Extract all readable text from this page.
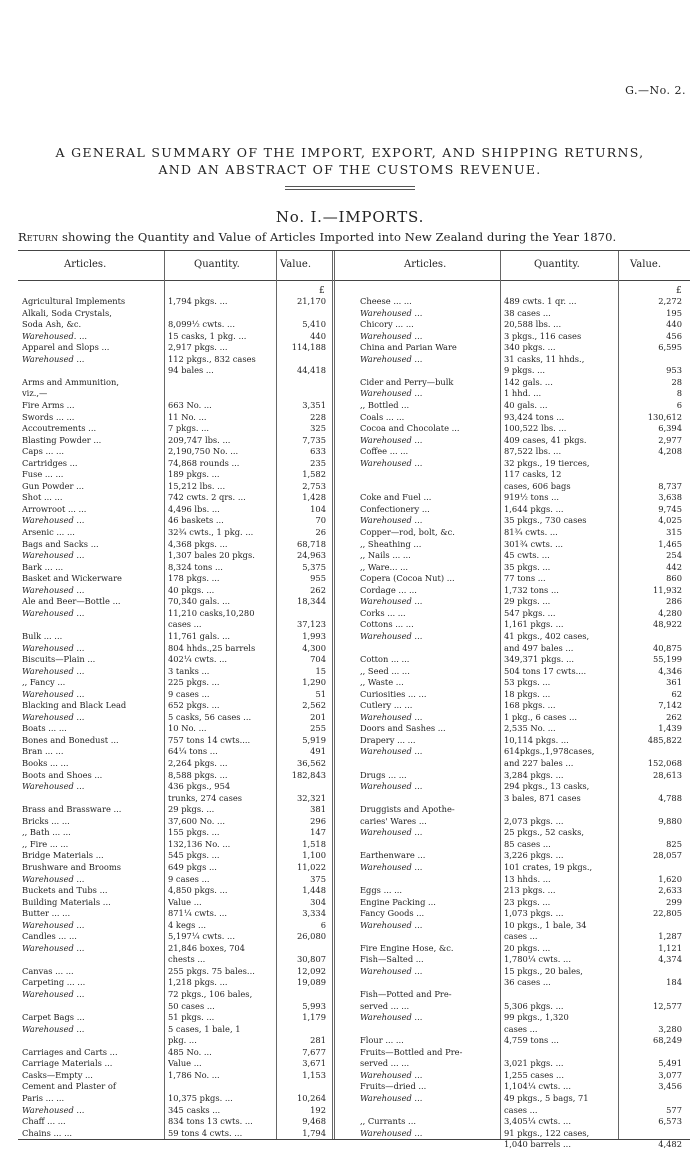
G.—No. 2.
A GENERAL SUMMARY OF THE IMPORT, EXPORT, AND SHIPPING RETURNS,
AND AN ABSTRACT OF THE CUSTOMS REVENUE.
No. I.—IMPORTS.
Return showing the Quantity and Value of Articles Imported into New Zealand during the Year 1870.
Articles.	Quantity.	Value.	Articles.	Quantity.	Value.
£	£
Agricultural Implements	1,794 pkgs. ...	21,170
Alkali, Soda Crystals,
Soda Ash, &c.	8,099½ cwts. ...	5,410
Warehoused. ...	15 casks, 1 pkg. ...	440
Apparel and Slops ...	2,917 pkgs. ...	114,188
Warehoused ...	112 pkgs., 832 cases
94 bales ...	44,418
Arms and Ammunition,
viz.,—
Fire Arms ...	663 No. ...	3,351
Swords ... ...	11 No. ...	228
Accoutrements ...	7 pkgs. ...	325
Blasting Powder ...	209,747 lbs. ...	7,735
Caps ... ...	2,190,750 No. ...	633
Cartridges ...	74,868 rounds ...	235
Fuse ... ...	189 pkgs. ...	1,582
Gun Powder ...	15,212 lbs. ...	2,753
Shot ... ...	742 cwts. 2 qrs. ...	1,428
Arrowroot ... ...	4,496 lbs. ...	104
Warehoused ...	46 baskets ...	70
Arsenic ... ...	32¾ cwts., 1 pkg. ...	26
Bags and Sacks ...	4,368 pkgs. ...	68,718
Warehoused ...	1,307 bales 20 pkgs.	24,963
Bark ... ...	8,324 tons ...	5,375
Basket and Wickerware	178 pkgs. ...	955
Warehoused ...	40 pkgs. ...	262
Ale and Beer—Bottle ...	70,340 gals. ...	18,344
Warehoused ...	11,210 casks,10,280
cases ...	37,123
Bulk ... ...	11,761 gals. ...	1,993
Warehoused ...	804 hhds.,25 barrels	4,300
Biscuits—Plain ...	402¼ cwts. ...	704
Warehoused ...	3 tanks ...	15
,, Fancy ...	225 pkgs. ...	1,290
Warehoused ...	9 cases ...	51
Blacking and Black Lead	652 pkgs. ...	2,562
Warehoused ...	5 casks, 56 cases ...	201
Boats ... ...	10 No. ...	255
Bones and Bonedust ...	757 tons 14 cwts....	5,919
Bran ... ...	64¼ tons ...	491
Books ... ...	2,264 pkgs. ...	36,562
Boots and Shoes ...	8,588 pkgs. ...	182,843
Warehoused ...	436 pkgs., 954
trunks, 274 cases	32,321
Brass and Brassware ...	29 pkgs. ...	381
Bricks ... ...	37,600 No. ...	296
,, Bath ... ...	155 pkgs. ...	147
,, Fire ... ...	132,136 No. ...	1,518
Bridge Materials ...	545 pkgs. ...	1,100
Brushware and Brooms	649 pkgs ...	11,022
Warehoused ...	9 cases ...	375
Buckets and Tubs ...	4,850 pkgs. ...	1,448
Building Materials ...	Value ...	304
Butter ... ...	871¼ cwts. ...	3,334
Warehoused ...	4 kegs ...	6
Candles ... ...	5,197¼ cwts. ...	26,080
Warehoused ...	21,846 boxes, 704
chests ...	30,807
Canvas ... ...	255 pkgs. 75 bales...	12,092
Carpeting ... ...	1,218 pkgs. ...	19,089
Warehoused ...	72 pkgs., 106 bales,
50 cases ...	5,993
Carpet Bags ...	51 pkgs. ...	1,179
Warehoused ...	5 cases, 1 bale, 1
pkg. ...	281
Carriages and Carts ...	485 No. ...	7,677
Carriage Materials ...	Value ...	3,671
Casks—Empty ...	1,786 No. ...	1,153
Cement and Plaster of
Paris ... ...	10,375 pkgs. ...	10,264
Warehoused ...	345 casks ...	192
Chaff ... ...	834 tons 13 cwts. ...	9,468
Chains ... ...	59 tons 4 cwts. ...	1,794
Cheese ... ...	489 cwts. 1 qr. ...	2,272
Warehoused ...	38 cases ...	195
Chicory ... ...	20,588 lbs. ...	440
Warehoused ...	3 pkgs., 116 cases	456
China and Parian Ware	340 pkgs. ...	6,595
Warehoused ...	31 casks, 11 hhds.,
9 pkgs. ...	953
Cider and Perry—bulk	142 gals. ...	28
Warehoused ...	1 hhd. ...	8
,, Bottled ...	40 gals. ...	6
Coals ... ...	93,424 tons ...	130,612
Cocoa and Chocolate ...	100,522 lbs. ...	6,394
Warehoused ...	409 cases, 41 pkgs.	2,977
Coffee ... ...	87,522 lbs. ...	4,208
Warehoused ...	32 pkgs., 19 tierces,
117 casks, 12
cases, 606 bags	8,737
Coke and Fuel ...	919½ tons ...	3,638
Confectionery ...	1,644 pkgs. ...	9,745
Warehoused ...	35 pkgs., 730 cases	4,025
Copper—rod, bolt, &c.	81¾ cwts. ...	315
,, Sheathing ...	301¾ cwts. ...	1,465
,, Nails ... ...	45 cwts. ...	254
,, Ware... ...	35 pkgs. ...	442
Copera (Cocoa Nut) ...	77 tons ...	860
Cordage ... ...	1,732 tons ...	11,932
Warehoused ...	29 pkgs. ...	286
Corks ... ...	547 pkgs. ...	4,280
Cottons ... ...	1,161 pkgs. ...	48,922
Warehoused ...	41 pkgs., 402 cases,
and 497 bales ...	40,875
Cotton ... ...	349,371 pkgs. ...	55,199
,, Seed ... ...	504 tons 17 cwts....	4,346
,, Waste ...	53 pkgs. ...	361
Curiosities ... ...	18 pkgs. ...	62
Cutlery ... ...	168 pkgs. ...	7,142
Warehoused ...	1 pkg., 6 cases ...	262
Doors and Sashes ...	2,535 No. ...	1,439
Drapery ... ...	10,114 pkgs. ...	485,822
Warehoused ...	614pkgs.,1,978cases,
and 227 bales ...	152,068
Drugs ... ...	3,284 pkgs. ...	28,613
Warehoused ...	294 pkgs., 13 casks,
3 bales, 871 cases	4,788
Druggists and Apothe-
caries' Wares ...	2,073 pkgs. ...	9,880
Warehoused ...	25 pkgs., 52 casks,
85 cases ...	825
Earthenware ...	3,226 pkgs. ...	28,057
Warehoused ...	101 crates, 19 pkgs.,
13 hhds. ...	1,620
Eggs ... ...	213 pkgs. ...	2,633
Engine Packing ...	23 pkgs. ...	299
Fancy Goods ...	1,073 pkgs. ...	22,805
Warehoused ...	10 pkgs., 1 bale, 34
cases ...	1,287
Fire Engine Hose, &c.	20 pkgs. ...	1,121
Fish—Salted ...	1,780¼ cwts. ...	4,374
Warehoused ...	15 pkgs., 20 bales,
36 cases ...	184
Fish—Potted and Pre-
served ... ...	5,306 pkgs. ...	12,577
Warehoused ...	99 pkgs., 1,320
cases ...	3,280
Flour ... ...	4,759 tons ...	68,249
Fruits—Bottled and Pre-
served ... ...	3,021 pkgs. ...	5,491
Warehoused ...	1,255 cases ...	3,077
Fruits—dried ...	1,104¼ cwts. ...	3,456
Warehoused ...	49 pkgs., 5 bags, 71
cases ...	577
,, Currants ...	3,405¼ cwts. ...	6,573
Warehoused ...	91 pkgs., 122 cases,
1,040 barrels ...	4,482
